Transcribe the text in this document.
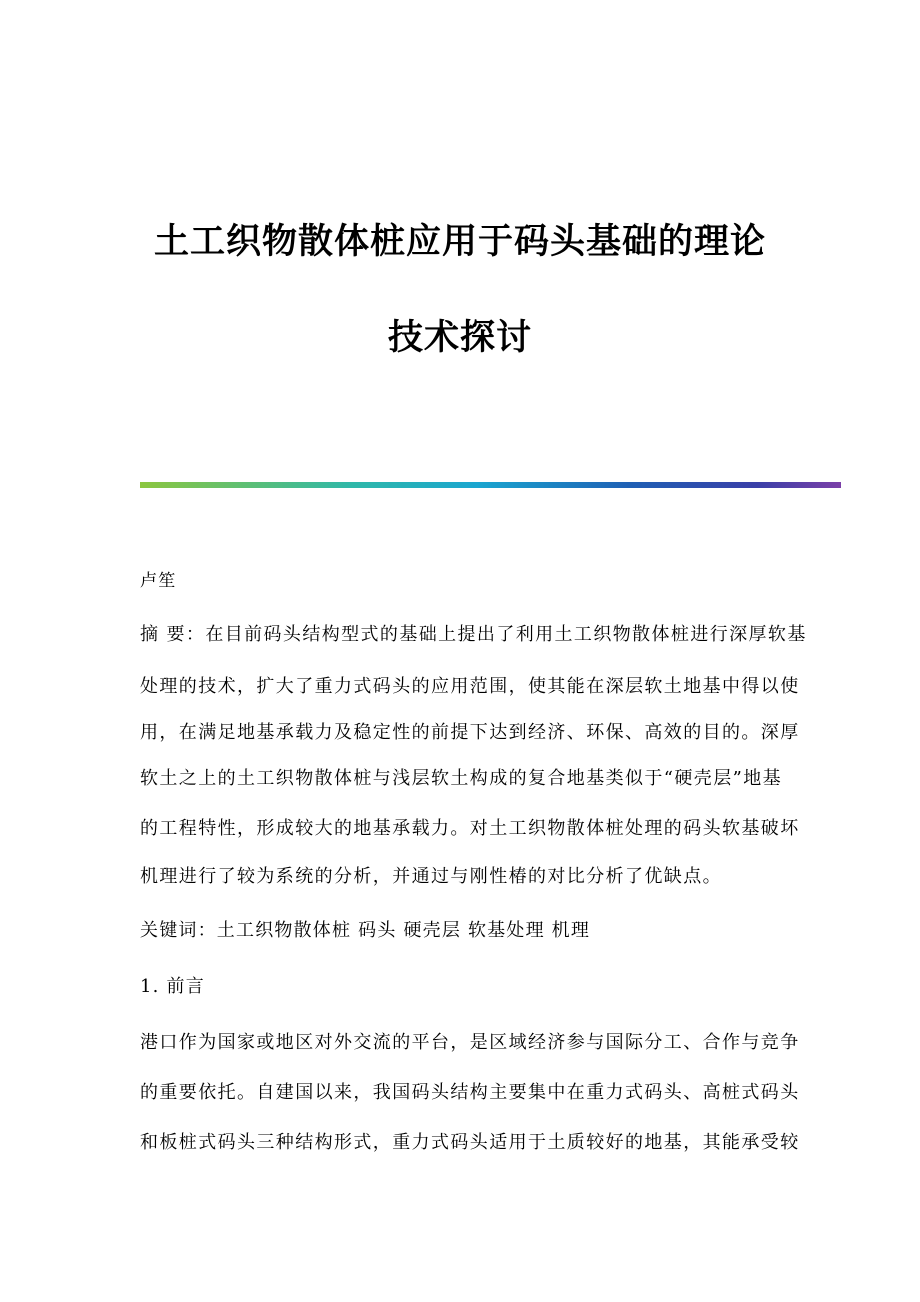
土工织物散体桩应用于码头基础的理论
技术探讨

卢笙

摘 要：在目前码头结构型式的基础上提出了利用土工织物散体桩进行深厚软基

处理的技术，扩大了重力式码头的应用范围，使其能在深层软土地基中得以使

用，在满足地基承载力及稳定性的前提下达到经济、环保、高效的目的。深厚

软土之上的土工织物散体桩与浅层软土构成的复合地基类似于“硬壳层”地基

的工程特性，形成较大的地基承载力。对土工织物散体桩处理的码头软基破坏

机理进行了较为系统的分析，并通过与刚性椿的对比分析了优缺点。

关键词：土工织物散体桩 码头 硬壳层 软基处理 机理

1. 前言

港口作为国家或地区对外交流的平台，是区域经济参与国际分工、合作与竞争

的重要依托。自建国以来，我国码头结构主要集中在重力式码头、高桩式码头

和板桩式码头三种结构形式，重力式码头适用于土质较好的地基，其能承受较
